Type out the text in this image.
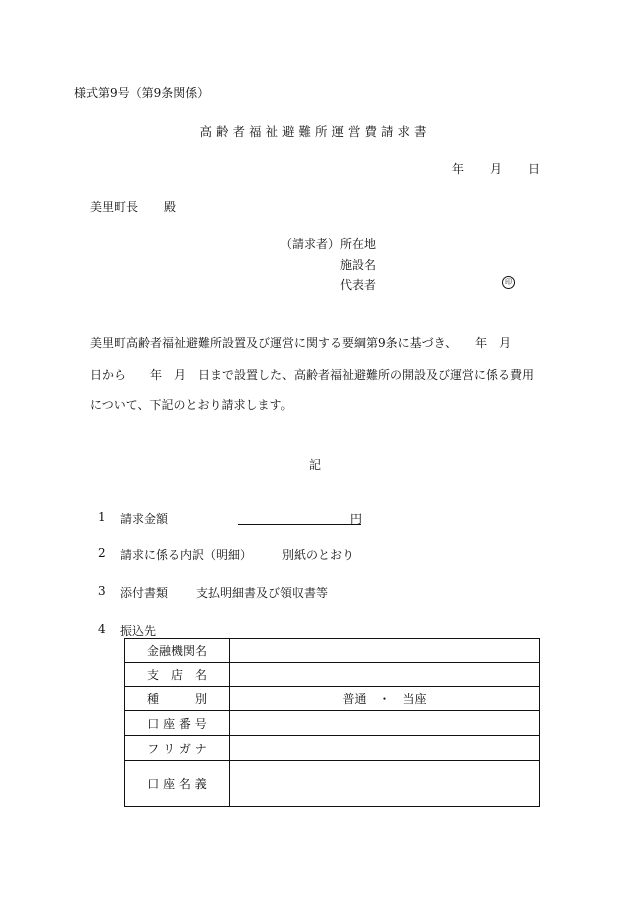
様式第9号（第9条関係）
高齢者福祉避難所運営費請求書
年 月 日
美里町長 殿
（請求者） 所在地
施設名
代表者	印
美里町高齢者福祉避難所設置及び運営に関する要綱第9条に基づき、　　年　月
日から　　年　月　日まで設置した、高齢者福祉避難所の開設及び運営に係る費用
について、下記のとおり請求します。
記
1 請求金額	円
2 請求に係る内訳（明細） 別紙のとおり
3 添付書類 支払明細書及び領収書等
4 振込先
金融機関名	
支　店　名	
種　　　別	普通　・　当座
口 座 番 号	
フ リ ガ ナ	
口 座 名 義	
